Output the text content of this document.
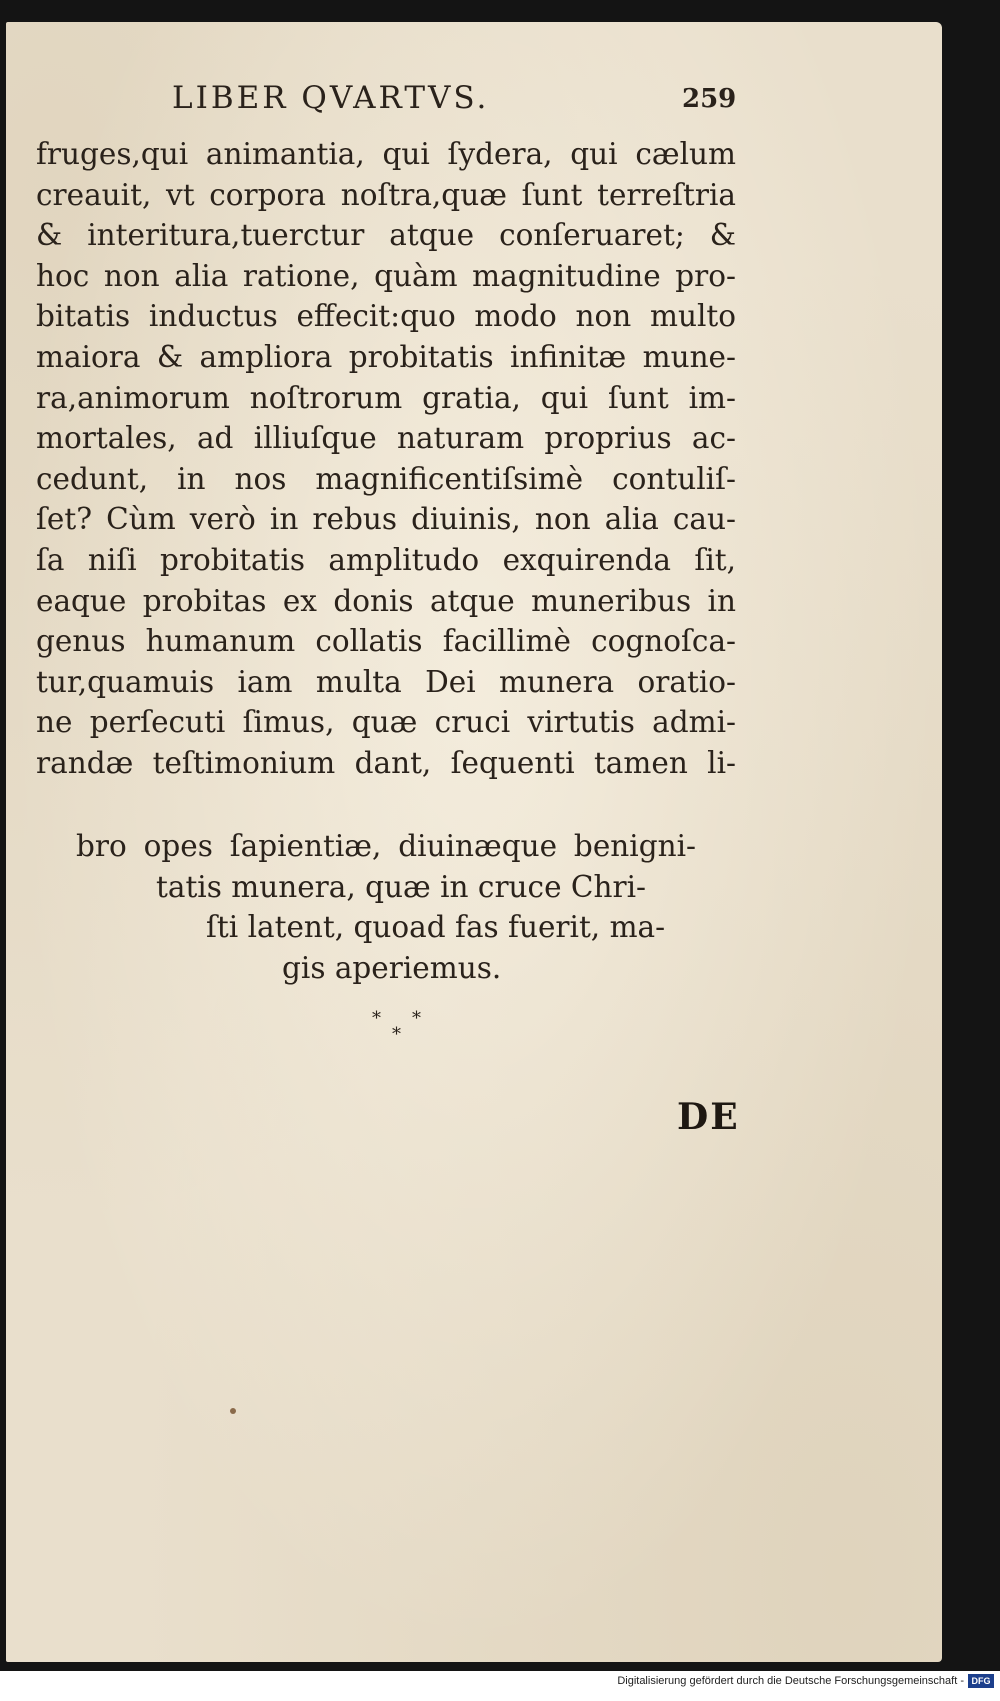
LIBER QVARTVS.	259
fruges,qui animantia, qui ſydera, qui cælum
creauit, vt corpora noſtra,quæ ſunt terreſtria
& interitura,tuerctur atque conſeruaret; &
hoc non alia ratione, quàm magnitudine pro-
bitatis inductus effecit:quo modo non multo
maiora & ampliora probitatis infinitæ mune-
ra,animorum noſtrorum gratia, qui ſunt im-
mortales, ad illiuſque naturam proprius ac-
cedunt, in nos magnificentiſsimè contuliſ-
ſet? Cùm verò in rebus diuinis, non alia cau-
ſa niſi probitatis amplitudo exquirenda ſit,
eaque probitas ex donis atque muneribus in
genus humanum collatis facillimè cognoſca-
tur,quamuis iam multa Dei munera oratio-
ne perſecuti ſimus, quæ cruci virtutis admi-
randæ teſtimonium dant, ſequenti tamen li-
bro opes ſapientiæ, diuinæque benigni-
tatis munera, quæ in cruce Chri-
ſti latent, quoad fas fuerit, ma-
gis aperiemus.
* *
*
DE
Digitalisierung gefördert durch die Deutsche Forschungsgemeinschaft - DFG
